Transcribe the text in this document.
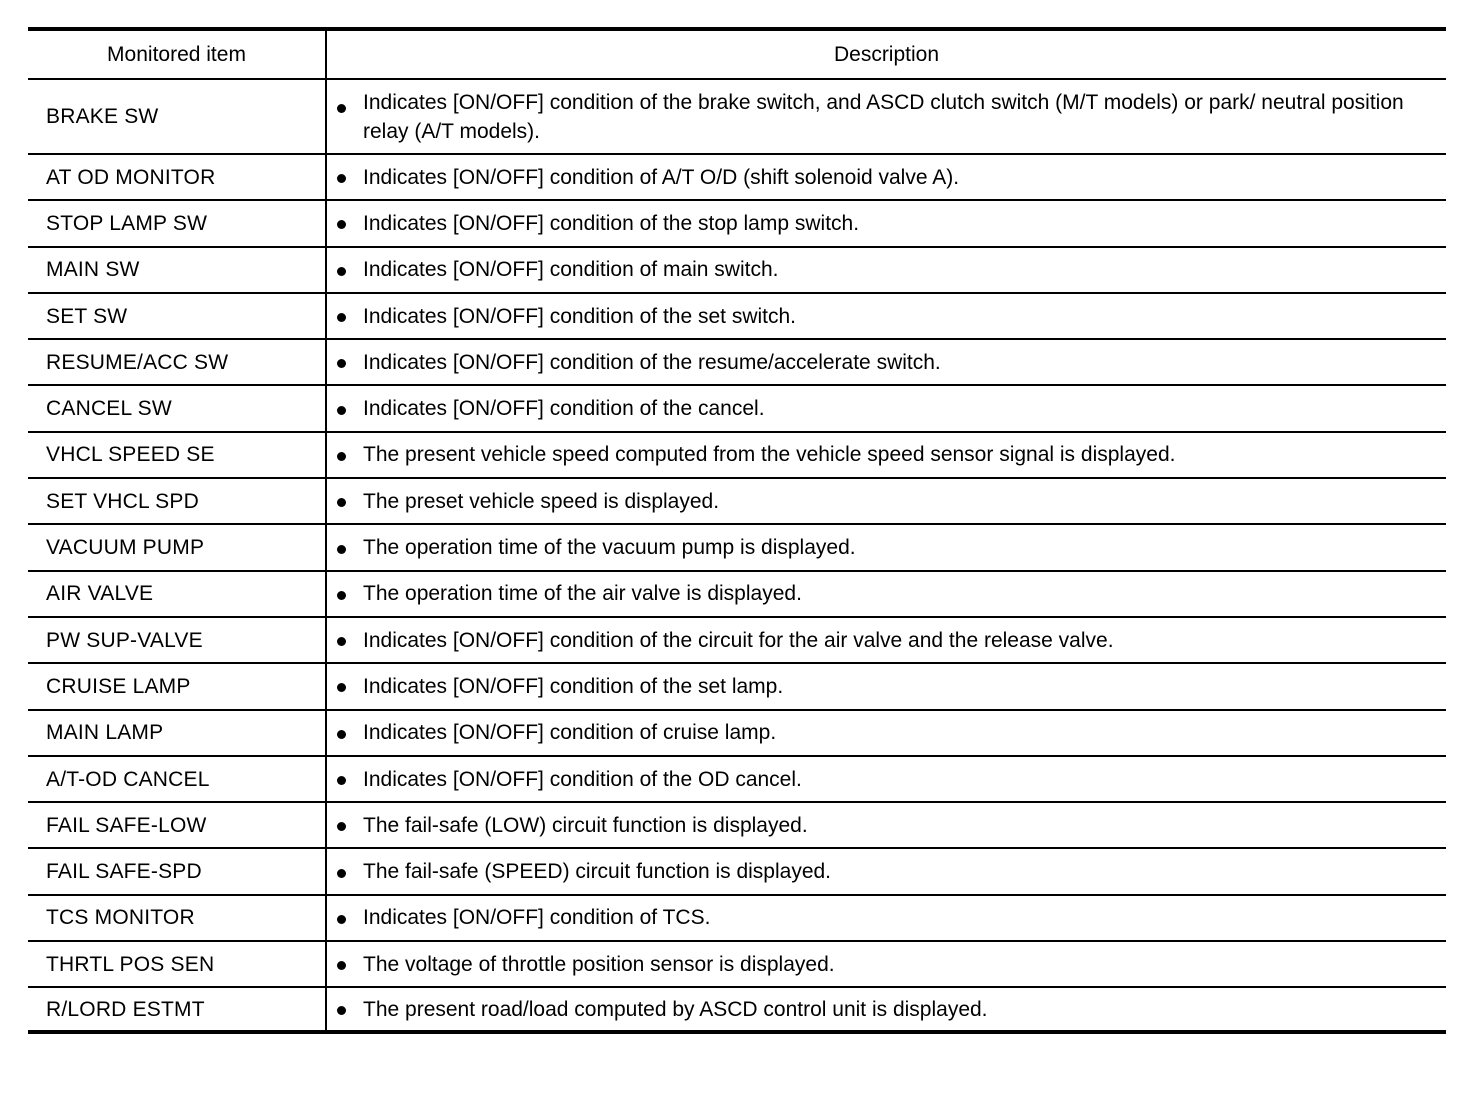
Monitored item	Description
BRAKE SW	Indicates [ON/OFF] condition of the brake switch, and ASCD clutch switch (M/T models) or park/ neutral position relay (A/T models).
AT OD MONITOR	Indicates [ON/OFF] condition of A/T O/D (shift solenoid valve A).
STOP LAMP SW	Indicates [ON/OFF] condition of the stop lamp switch.
MAIN SW	Indicates [ON/OFF] condition of main switch.
SET SW	Indicates [ON/OFF] condition of the set switch.
RESUME/ACC SW	Indicates [ON/OFF] condition of the resume/accelerate switch.
CANCEL SW	Indicates [ON/OFF] condition of the cancel.
VHCL SPEED SE	The present vehicle speed computed from the vehicle speed sensor signal is displayed.
SET VHCL SPD	The preset vehicle speed is displayed.
VACUUM PUMP	The operation time of the vacuum pump is displayed.
AIR VALVE	The operation time of the air valve is displayed.
PW SUP-VALVE	Indicates [ON/OFF] condition of the circuit for the air valve and the release valve.
CRUISE LAMP	Indicates [ON/OFF] condition of the set lamp.
MAIN LAMP	Indicates [ON/OFF] condition of cruise lamp.
A/T-OD CANCEL	Indicates [ON/OFF] condition of the OD cancel.
FAIL SAFE-LOW	The fail-safe (LOW) circuit function is displayed.
FAIL SAFE-SPD	The fail-safe (SPEED) circuit function is displayed.
TCS MONITOR	Indicates [ON/OFF] condition of TCS.
THRTL POS SEN	The voltage of throttle position sensor is displayed.
R/LORD ESTMT	The present road/load computed by ASCD control unit is displayed.
